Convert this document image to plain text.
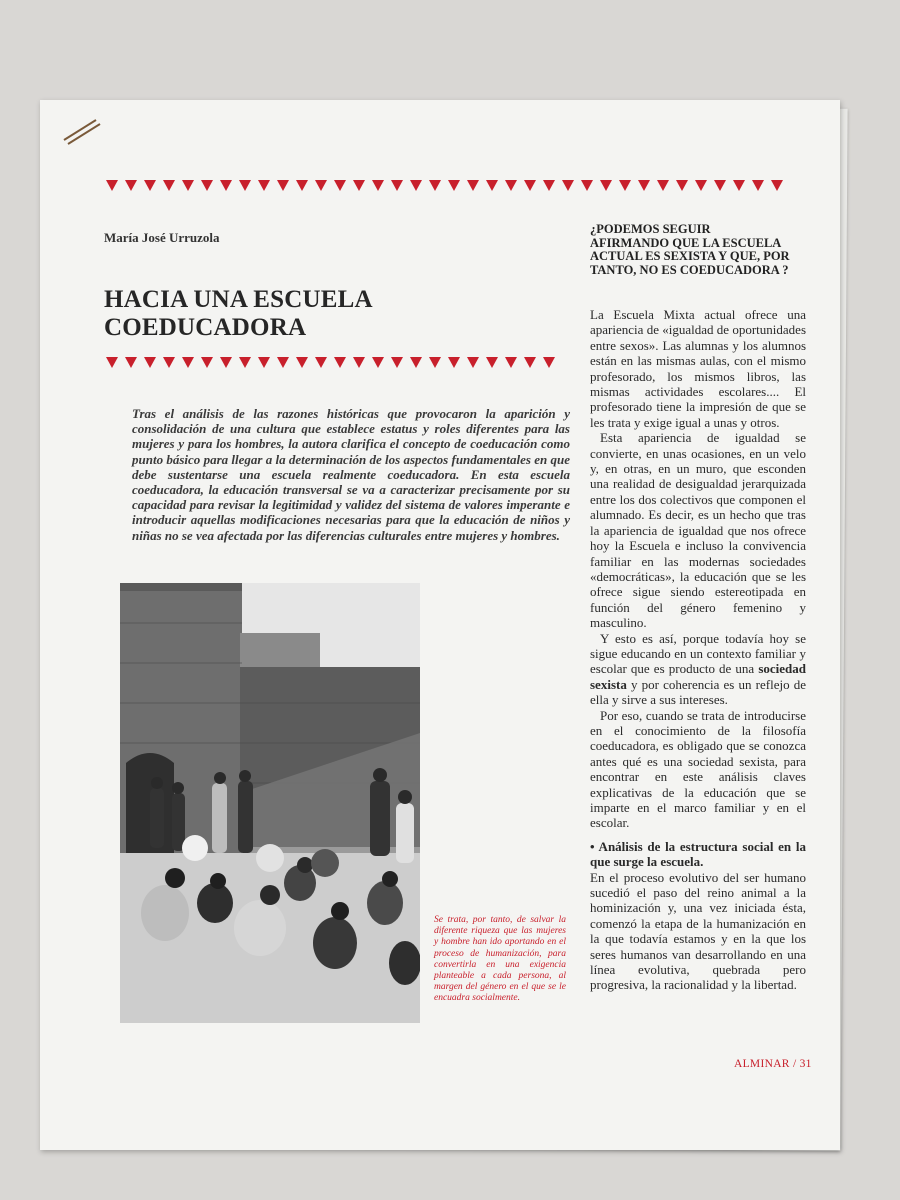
María José Urruzola
HACIA UNA ESCUELA COEDUCADORA

Tras el análisis de las razones históricas que provocaron la aparición y consolidación de una cultura que establece estatus y roles diferentes para las mujeres y para los hombres, la autora clarifica el concepto de coeducación como punto básico para llegar a la determinación de los aspectos fundamentales en que debe sustentarse una escuela realmente coeducadora. En esta escuela coeducadora, la educación transversal se va a caracterizar precisamente por su capacidad para revisar la legitimidad y validez del sistema de valores imperante e introducir aquellas modificaciones necesarias para que la educación de niños y niñas no se vea afectada por las diferencias culturales entre mujeres y hombres.

Se trata, por tanto, de salvar la diferente riqueza que las mujeres y hombre han ido aportando en el proceso de humanización, para convertirla en una exigencia planteable a cada persona, al margen del género en el que se le encuadra socialmente.

¿PODEMOS SEGUIR AFIRMANDO QUE LA ESCUELA ACTUAL ES SEXISTA Y QUE, POR TANTO, NO ES COEDUCADORA ?

La Escuela Mixta actual ofrece una apariencia de «igualdad de oportunidades entre sexos». Las alumnas y los alumnos están en las mismas aulas, con el mismo profesorado, los mismos libros, las mismas actividades escolares.... El profesorado tiene la impresión de que se les trata y exige igual a unas y otros.

Esta apariencia de igualdad se convierte, en unas ocasiones, en un velo y, en otras, en un muro, que esconden una realidad de desigualdad jerarquizada entre los dos colectivos que componen el alumnado. Es decir, es un hecho que tras la apariencia de igualdad que nos ofrece hoy la Escuela e incluso la convivencia familiar en las modernas sociedades «democráticas», la educación que se les ofrece sigue siendo estereotipada en función del género femenino y masculino.

Y esto es así, porque todavía hoy se sigue educando en un contexto familiar y escolar que es producto de una sociedad sexista y por coherencia es un reflejo de ella y sirve a sus intereses.

Por eso, cuando se trata de introducirse en el conocimiento de la filosofía coeducadora, es obligado que se conozca antes qué es una sociedad sexista, para encontrar en este análisis claves explicativas de la educación que se imparte en el marco familiar y en el escolar.

• Análisis de la estructura social en la que surge la escuela.

En el proceso evolutivo del ser humano sucedió el paso del reino animal a la hominización y, una vez iniciada ésta, comenzó la etapa de la humanización en la que todavía estamos y en la que los seres humanos van desarrollando en una línea evolutiva, quebrada pero progresiva, la racionalidad y la libertad.

ALMINAR / 31
